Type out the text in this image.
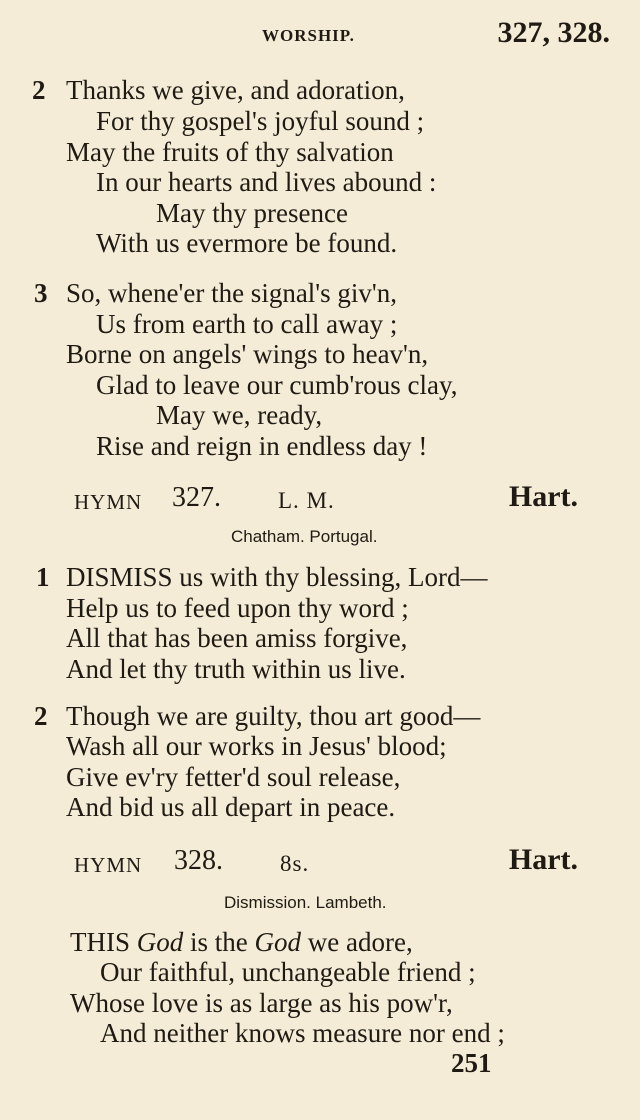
WORSHIP.	327, 328.
2 Thanks we give, and adoration,
For thy gospel's joyful sound ;
May the fruits of thy salvation
In our hearts and lives abound :
May thy presence
With us evermore be found.
3 So, whene'er the signal's giv'n,
Us from earth to call away ;
Borne on angels' wings to heav'n,
Glad to leave our cumb'rous clay,
May we, ready,
Rise and reign in endless day !
HYMN 327. L. M.	Hart.
Chatham. Portugal.
1 DISMISS us with thy blessing, Lord—
Help us to feed upon thy word ;
All that has been amiss forgive,
And let thy truth within us live.
2 Though we are guilty, thou art good—
Wash all our works in Jesus' blood;
Give ev'ry fetter'd soul release,
And bid us all depart in peace.
HYMN 328. 8s.	Hart.
Dismission. Lambeth.
THIS God is the God we adore,
Our faithful, unchangeable friend ;
Whose love is as large as his pow'r,
And neither knows measure nor end ;
251
